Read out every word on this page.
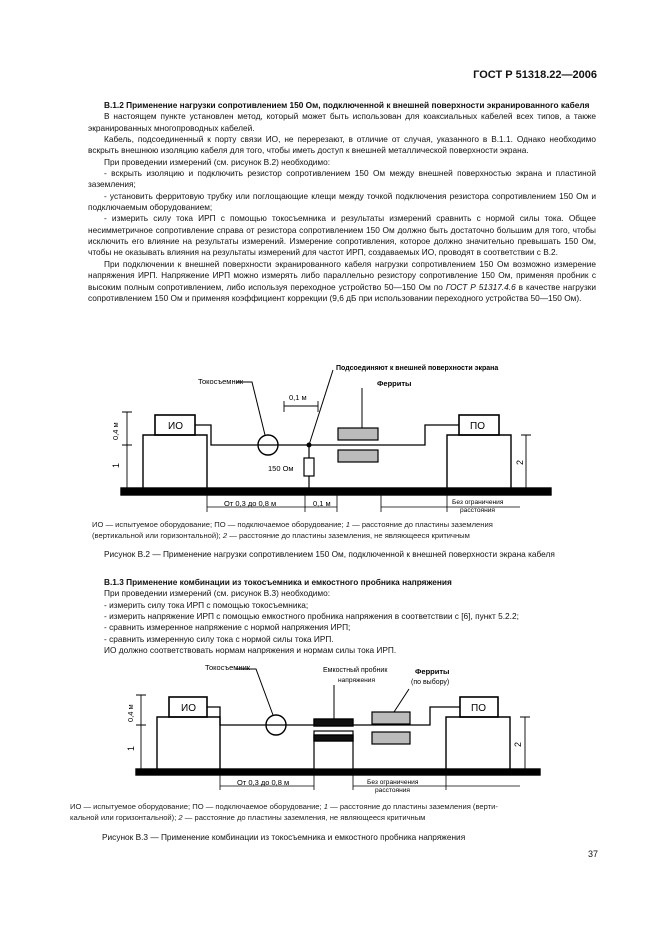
ГОСТ Р 51318.22—2006

В.1.2 Применение нагрузки сопротивлением 150 Ом, подключенной к внешней поверхности экранированного кабеля

В настоящем пункте установлен метод, который может быть использован для коаксиальных кабелей всех типов, а также экранированных многопроводных кабелей.

Кабель, подсоединенный к порту связи ИО, не перерезают, в отличие от случая, указанного в В.1.1. Однако необходимо вскрыть внешнюю изоляцию кабеля для того, чтобы иметь доступ к внешней металлической поверхности экрана.

При проведении измерений (см. рисунок В.2) необходимо:

- вскрыть изоляцию и подключить резистор сопротивлением 150 Ом между внешней поверхностью экрана и пластиной заземления;

- установить ферритовую трубку или поглощающие клещи между точкой подключения резистора сопротивлением 150 Ом и подключаемым оборудованием;

- измерить силу тока ИРП с помощью токосъемника и результаты измерений сравнить с нормой силы тока. Общее несимметричное сопротивление справа от резистора сопротивлением 150 Ом должно быть достаточно большим для того, чтобы исключить его влияние на результаты измерений. Измерение сопротивления, которое должно значительно превышать 150 Ом, чтобы не оказывать влияния на результаты измерений для частот ИРП, создаваемых ИО, проводят в соответствии с В.2.

При подключении к внешней поверхности экранированного кабеля нагрузки сопротивлением 150 Ом возможно измерение напряжения ИРП. Напряжение ИРП можно измерять либо параллельно резистору сопротивление 150 Ом, применяя пробник с высоким полным сопротивлением, либо используя переходное устройство 50—150 Ом по ГОСТ Р 51317.4.6 в качестве нагрузки сопротивлением 150 Ом и применяя коэффициент коррекции (9,6 дБ при использовании переходного устройства 50—150 Ом).

Токосъемник
Подсоединяют к внешней поверхности экрана
Ферриты
ИО	ПО
0,1 м
150 Ом
0,4 м
1
2
От 0,3 до 0,8 м	0,1 м	Без ограничения
расстояния
ИО — испытуемое оборудование; ПО — подключаемое оборудование; 1 — расстояние до пластины заземления
(вертикальной или горизонтальной); 2 — расстояние до пластины заземления, не являющееся критичным
Рисунок В.2 — Применение нагрузки сопротивлением 150 Ом, подключенной к внешней поверхности экрана кабеля

В.1.3 Применение комбинации из токосъемника и емкостного пробника напряжения

При проведении измерений (см. рисунок В.3) необходимо:

- измерить силу тока ИРП с помощью токосъемника;

- измерить напряжение ИРП с помощью емкостного пробника напряжения в соответствии с [6], пункт 5.2.2;

- сравнить измеренное напряжение с нормой напряжения ИРП;

- сравнить измеренную силу тока с нормой силы тока ИРП.

ИО должно соответствовать нормам напряжения и нормам силы тока ИРП.

Токосъемник	Емкостный пробник
напряжения
Ферриты
(по выбору)
ИО	ПО
0,4 м
1
2
От 0,3 до 0,8 м	Без ограничения
расстояния
ИО — испытуемое оборудование; ПО — подключаемое оборудование; 1 — расстояние до пластины заземления (верти-
кальной или горизонтальной); 2 — расстояние до пластины заземления, не являющееся критичным
Рисунок В.3 — Применение комбинации из токосъемника и емкостного пробника напряжения
37
